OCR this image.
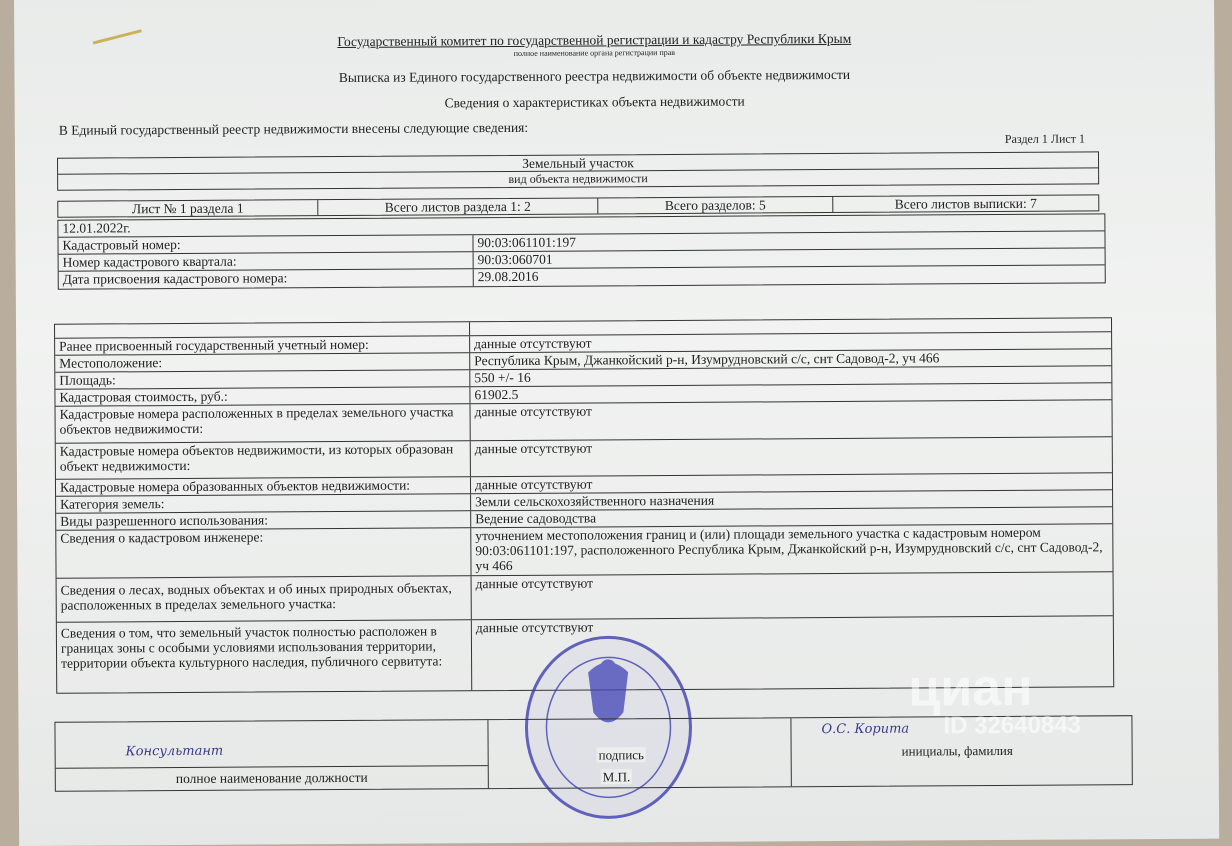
Государственный комитет по государственной регистрации и кадастру Республики Крым
полное наименование органа регистрации прав
Выписка из Единого государственного реестра недвижимости об объекте недвижимости
Сведения о характеристиках объекта недвижимости
В Единый государственный реестр недвижимости внесены следующие сведения:
Раздел 1 Лист 1
Земельный участок
вид объекта недвижимости
Лист № 1 раздела 1	Всего листов раздела 1: 2	Всего разделов: 5	Всего листов выписки: 7
12.01.2022г.
Кадастровый номер:	90:03:061101:197
Номер кадастрового квартала:	90:03:060701
Дата присвоения кадастрового номера:	29.08.2016
Ранее присвоенный государственный учетный номер:	данные отсутствуют
Местоположение:	Республика Крым, Джанкойский р-н, Изумрудновский с/с, снт Садовод-2, уч 466
Площадь:	550 +/- 16
Кадастровая стоимость, руб.:	61902.5
Кадастровые номера расположенных в пределах земельного участка объектов недвижимости:
данные отсутствуют
Кадастровые номера объектов недвижимости, из которых образован объект недвижимости:
данные отсутствуют
Кадастровые номера образованных объектов недвижимости:	данные отсутствуют
Категория земель:	Земли сельскохозяйственного назначения
Виды разрешенного использования:	Ведение садоводства
Сведения о кадастровом инженере:	уточнением местоположения границ и (или) площади земельного участка с кадастровым номером 90:03:061101:197, расположенного Республика Крым, Джанкойский р-н, Изумрудновский с/с, снт Садовод-2, уч 466
Сведения о лесах, водных объектах и об иных природных объектах, расположенных в пределах земельного участка:
данные отсутствуют
Сведения о том, что земельный участок полностью расположен в границах зоны с особыми условиями использования территории, территории объекта культурного наследия, публичного сервитута:
данные отсутствуют
Консультант
полное наименование должности
подпись
М.П.
О.С. Корита
инициалы, фамилия
циан
ID 32640843
